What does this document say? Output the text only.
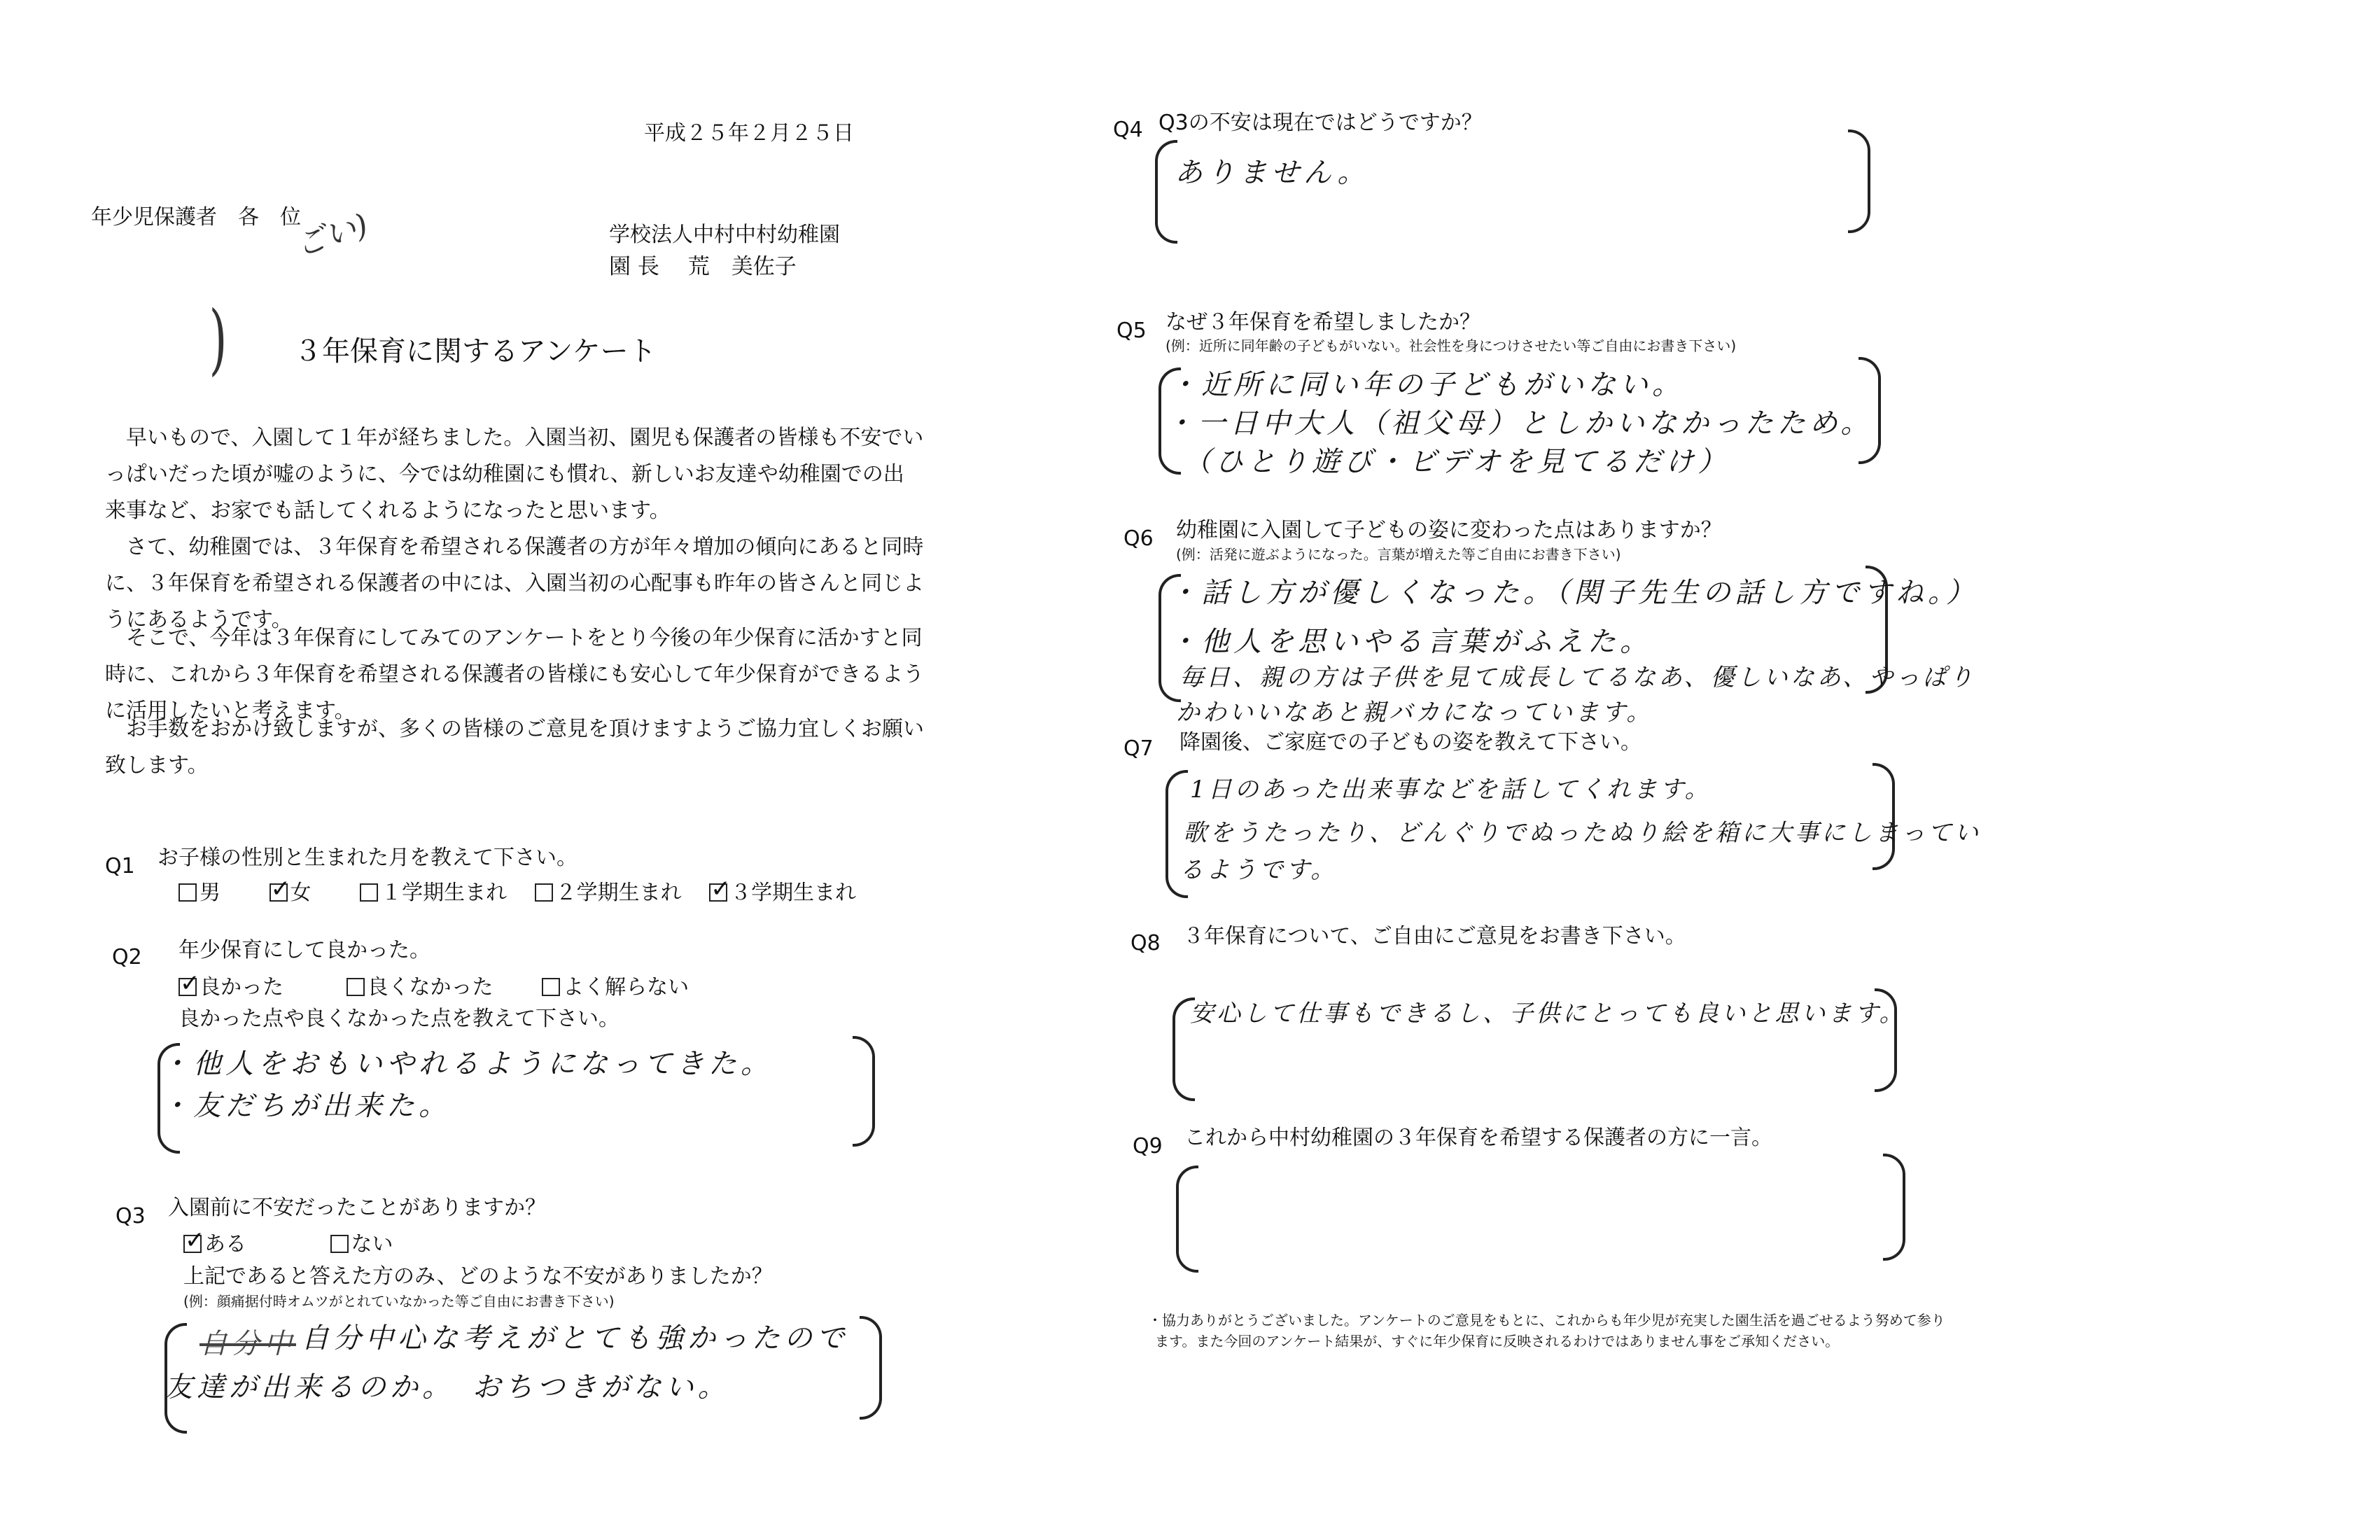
平成２５年２月２５日
年少児保護者　各　位
ごい)	学校法人中村中村幼稚園
園 長　 荒　美佐子
) ３年保育に関するアンケート
早いもので、入園して１年が経ちました。入園当初、園児も保護者の皆様も不安でいっぱいだった頃が嘘のように、今では幼稚園にも慣れ、新しいお友達や幼稚園での出来事など、お家でも話してくれるようになったと思います。
さて、幼稚園では、３年保育を希望される保護者の方が年々増加の傾向にあると同時に、３年保育を希望される保護者の中には、入園当初の心配事も昨年の皆さんと同じようにあるようです。
そこで、今年は３年保育にしてみてのアンケートをとり今後の年少保育に活かすと同時に、これから３年保育を希望される保護者の皆様にも安心して年少保育ができるように活用したいと考えます。
お手数をおかけ致しますが、多くの皆様のご意見を頂けますようご協力宜しくお願い致します。
Q1 お子様の性別と生まれた月を教えて下さい。
男 ✓	女	１学期生まれ ２学期生まれ ✓ ３学期生まれ
Q2 年少保育にして良かった。
✓良かった	良くなかった	よく解らない
良かった点や良くなかった点を教えて下さい。
・他人をおもいやれるようになってきた。
・友だちが出来た。
Q3 入園前に不安だったことがありますか？
✓ある	ない
上記であると答えた方のみ、どのような不安がありましたか？
(例：顔痛据付時オムツがとれていなかった等ご自由にお書き下さい)
自分中 自分中心な考えがとても強かったので
友達が出来るのか。　おちつきがない。
Q4 Q3の不安は現在ではどうですか？
ありません。
Q5 なぜ３年保育を希望しましたか？
(例：近所に同年齢の子どもがいない。社会性を身につけさせたい等ご自由にお書き下さい)
・近所に同い年の子どもがいない。
・一日中大人（祖父母）としかいなかったため。
（ひとり遊び・ビデオを見てるだけ）
Q6 幼稚園に入園して子どもの姿に変わった点はありますか？
(例：活発に遊ぶようになった。言葉が増えた等ご自由にお書き下さい)
・話し方が優しくなった。（関子先生の話し方ですね。）
・他人を思いやる言葉がふえた。
毎日、親の方は子供を見て成長してるなあ、優しいなあ、やっぱり
かわいいなあと親バカになっています。
Q7 降園後、ご家庭での子どもの姿を教えて下さい。
1日のあった出来事などを話してくれます。
歌をうたったり、どんぐりでぬったぬり絵を箱に大事にしまってい
るようです。
Q8 ３年保育について、ご自由にご意見をお書き下さい。
安心して仕事もできるし、子供にとっても良いと思います。
Q9 これから中村幼稚園の３年保育を希望する保護者の方に一言。
・協力ありがとうございました。アンケートのご意見をもとに、これからも年少児が充実した園生活を過ごせるよう努めて参り
ます。また今回のアンケート結果が、すぐに年少保育に反映されるわけではありません事をご承知ください。
